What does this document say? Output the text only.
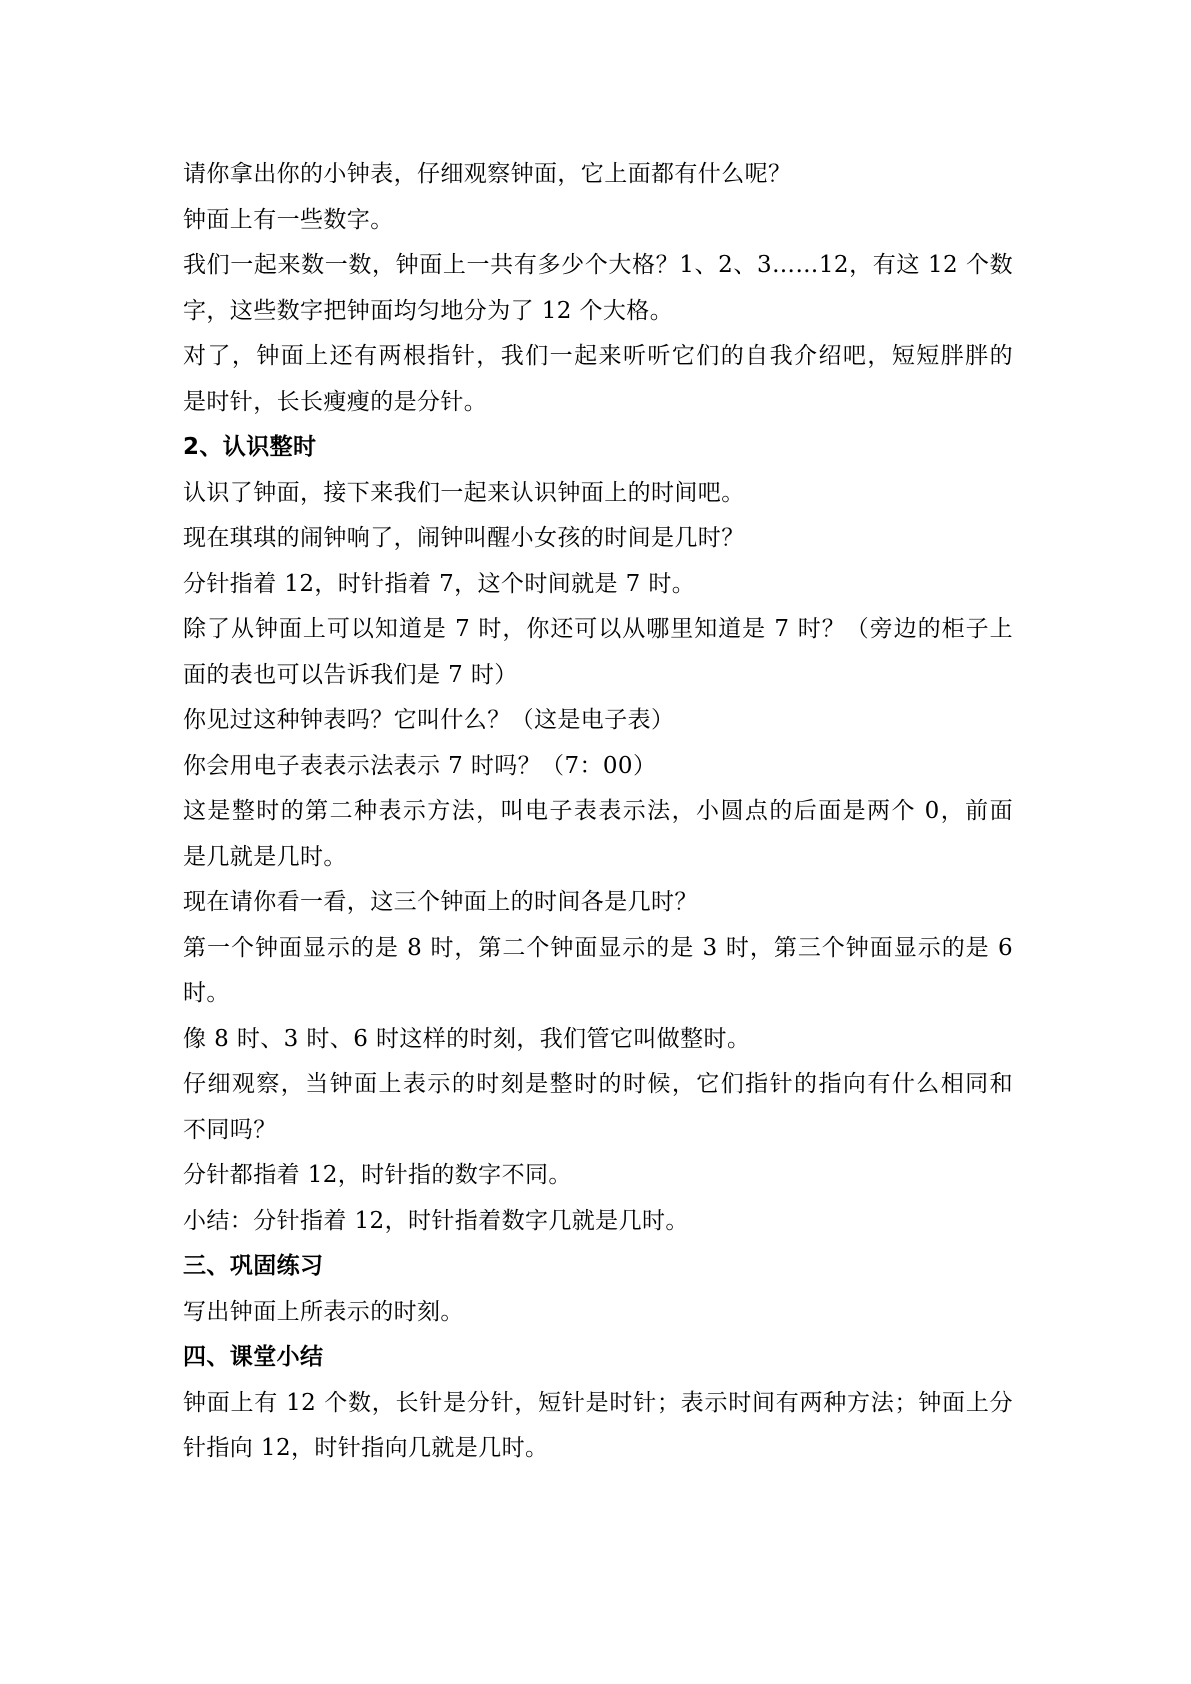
请你拿出你的小钟表，仔细观察钟面，它上面都有什么呢？
钟面上有一些数字。
我们一起来数一数，钟面上一共有多少个大格？1、2、3……12，有这 12 个数
字，这些数字把钟面均匀地分为了 12 个大格。
对了，钟面上还有两根指针，我们一起来听听它们的自我介绍吧，短短胖胖的
是时针，长长瘦瘦的是分针。
2、认识整时
认识了钟面，接下来我们一起来认识钟面上的时间吧。
现在琪琪的闹钟响了，闹钟叫醒小女孩的时间是几时？
分针指着 12，时针指着 7，这个时间就是 7 时。
除了从钟面上可以知道是 7 时，你还可以从哪里知道是 7 时？（旁边的柜子上
面的表也可以告诉我们是 7 时）
你见过这种钟表吗？它叫什么？（这是电子表）
你会用电子表表示法表示 7 时吗？（7：00）
这是整时的第二种表示方法，叫电子表表示法，小圆点的后面是两个 0，前面
是几就是几时。
现在请你看一看，这三个钟面上的时间各是几时？
第一个钟面显示的是 8 时，第二个钟面显示的是 3 时，第三个钟面显示的是 6
时。
像 8 时、3 时、6 时这样的时刻，我们管它叫做整时。
仔细观察，当钟面上表示的时刻是整时的时候，它们指针的指向有什么相同和
不同吗？
分针都指着 12，时针指的数字不同。
小结：分针指着 12，时针指着数字几就是几时。
三、巩固练习
写出钟面上所表示的时刻。
四、课堂小结
钟面上有 12 个数，长针是分针，短针是时针；表示时间有两种方法；钟面上分
针指向 12，时针指向几就是几时。
